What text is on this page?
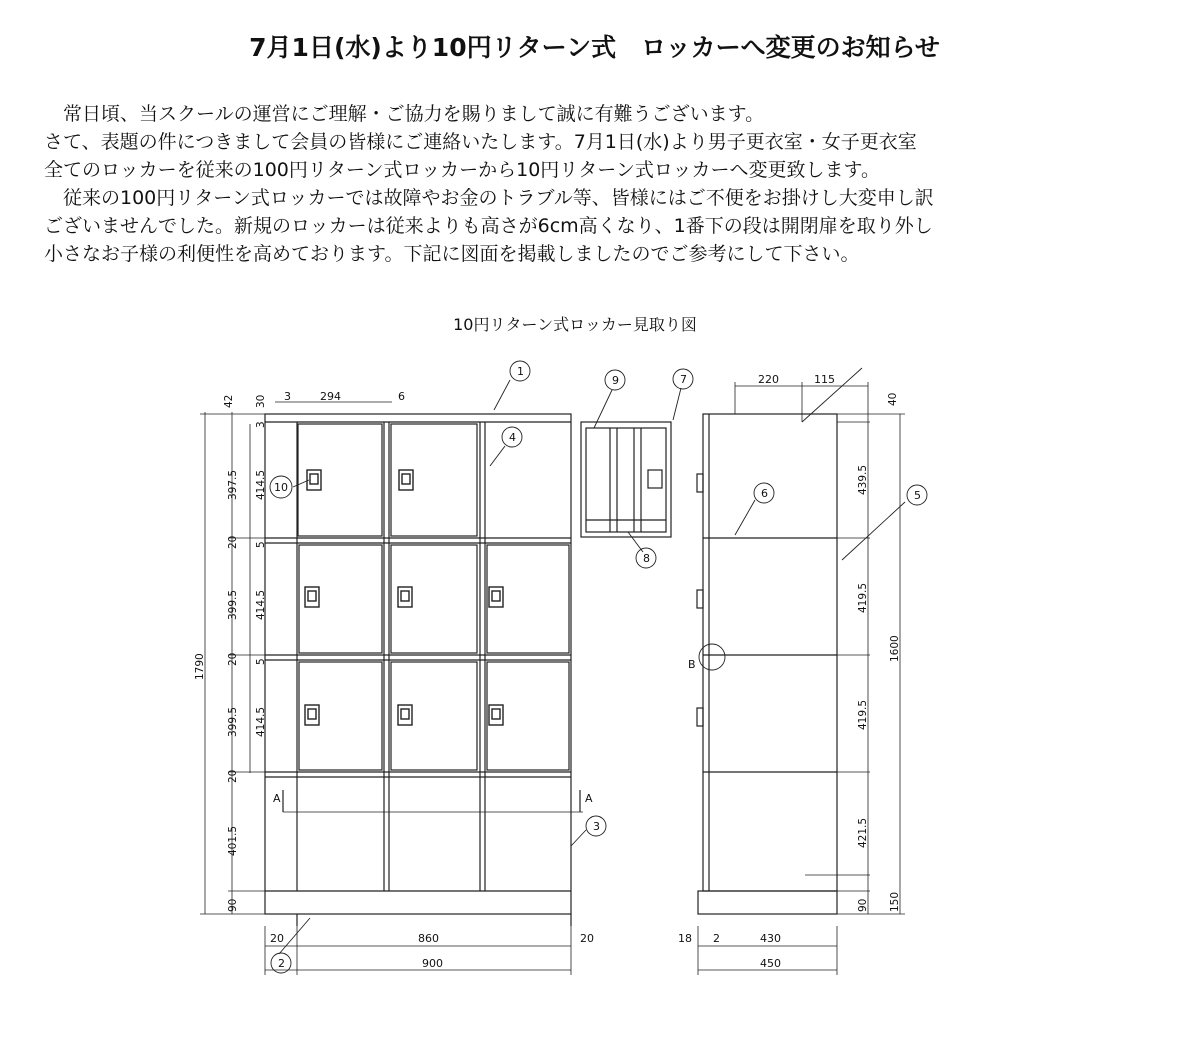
7月1日(水)より10円リターン式　ロッカーへ変更のお知らせ
　常日頃、当スクールの運営にご理解・ご協力を賜りまして誠に有難うございます。
さて、表題の件につきまして会員の皆様にご連絡いたします。7月1日(水)より男子更衣室・女子更衣室
全てのロッカーを従来の100円リターン式ロッカーから10円リターン式ロッカーへ変更致します。
　従来の100円リターン式ロッカーでは故障やお金のトラブル等、皆様にはご不便をお掛けし大変申し訳
ございませんでした。新規のロッカーは従来よりも高さが6cm高くなり、1番下の段は開閉扉を取り外し
小さなお子様の利便性を高めております。下記に図面を掲載しましたのでご参考にして下さい。
10円リターン式ロッカー見取り図
3	294	6
42 30
397.5
399.5
399.5
401.5
90
20
20
20
414.5
414.5
414.5
3
5
5
1790
20	860	20
900
A	A
220	115
40
439.5
419.5
419.5
421.5
90
1600
150
18 2	430
450
B
1
2
3
4
5
6
7
8
9
10
